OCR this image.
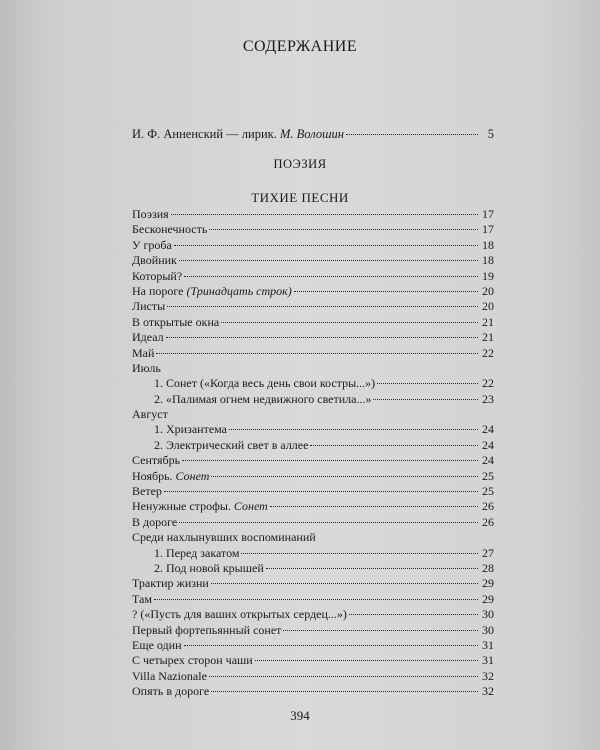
СОДЕРЖАНИЕ
И. Ф. Анненский — лирик. М. Волошин	5
ПОЭЗИЯ
ТИХИЕ ПЕСНИ
Поэзия	17
Бесконечность	17
У гроба	18
Двойник	18
Который?	19
На пороге (Тринадцать строк)	20
Листы	20
В открытые окна	21
Идеал	21
Май	22
Июль
1. Сонет («Когда весь день свои костры...»)	22
2. «Палимая огнем недвижного светила...»	23
Август
1. Хризантема	24
2. Электрический свет в аллее	24
Сентябрь	24
Ноябрь. Сонет	25
Ветер	25
Ненужные строфы. Сонет	26
В дороге	26
Среди нахлынувших воспоминаний
1. Перед закатом	27
2. Под новой крышей	28
Трактир жизни	29
Там	29
? («Пусть для ваших открытых сердец...»)	30
Первый фортепьянный сонет	30
Еще один	31
С четырех сторон чаши	31
Villa Nazionale	32
Опять в дороге	32
394
